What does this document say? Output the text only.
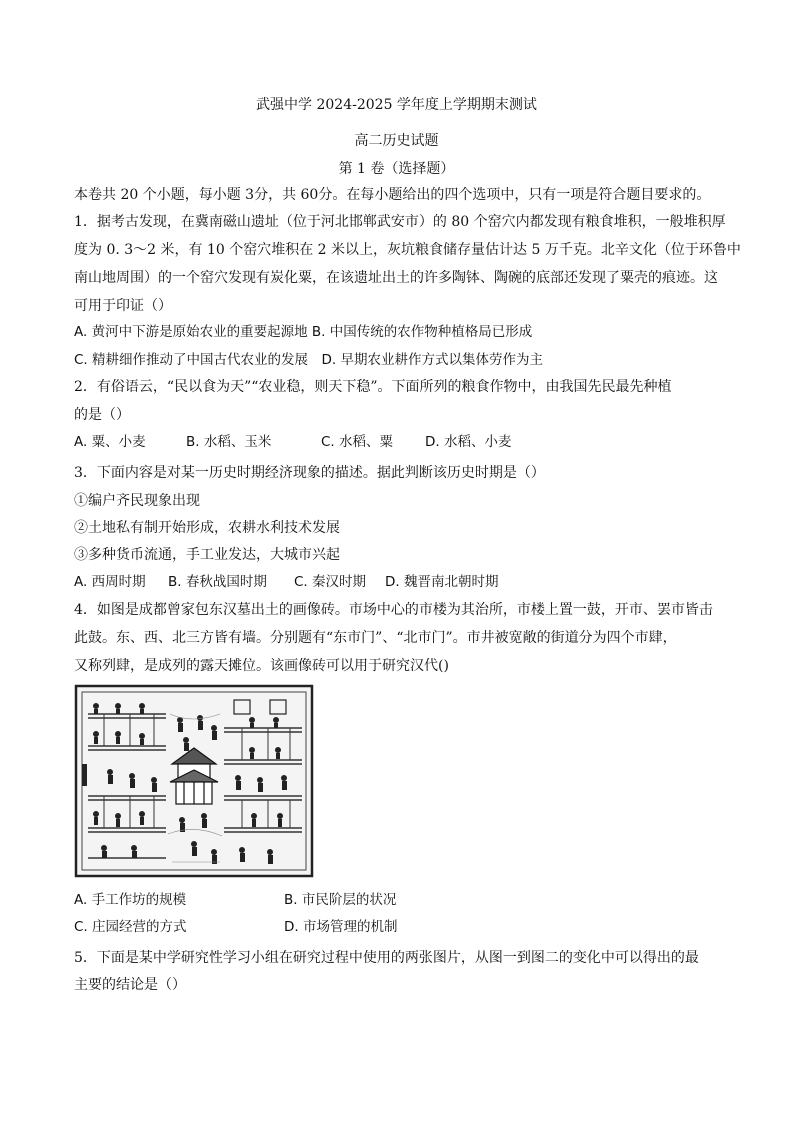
武强中学 2024-2025 学年度上学期期末测试
高二历史试题
第 1 卷（选择题）
本卷共 20 个小题，每小题 3分，共 60分。在每小题给出的四个选项中，只有一项是符合题目要求的。
1．据考古发现，在冀南磁山遗址（位于河北邯郸武安市）的 80 个窑穴内都发现有粮食堆积，一般堆积厚
度为 0. 3～2 米，有 10 个窑穴堆积在 2 米以上，灰坑粮食储存量估计达 5 万千克。北辛文化（位于环鲁中
南山地周围）的一个窑穴发现有炭化粟，在该遗址出土的许多陶钵、陶碗的底部还发现了粟壳的痕迹。这
可用于印证（）
A. 黄河中下游是原始农业的重要起源地 B. 中国传统的农作物种植格局已形成
C. 精耕细作推动了中国古代农业的发展　D. 早期农业耕作方式以集体劳作为主
2．有俗语云，“民以食为天”“农业稳，则天下稳”。下面所列的粮食作物中，由我国先民最先种植
的是（）
A. 粟、小麦	B. 水稻、玉米	C. 水稻、粟 D. 水稻、小麦
3．下面内容是对某一历史时期经济现象的描述。据此判断该历史时期是（）
①编户齐民现象出现
②土地私有制开始形成，农耕水利技术发展
③多种货币流通，手工业发达，大城市兴起
A. 西周时期 B. 春秋战国时期 C. 秦汉时期 D. 魏晋南北朝时期
4．如图是成都曾家包东汉墓出土的画像砖。市场中心的市楼为其治所，市楼上置一鼓，开市、罢市皆击
此鼓。东、西、北三方皆有墙。分别题有“东市门”、“北市门”。市井被宽敞的街道分为四个市肆，
又称列肆，是成列的露天摊位。该画像砖可以用于研究汉代()
A. 手工作坊的规模	B. 市民阶层的状况
C. 庄园经营的方式	D. 市场管理的机制
5．下面是某中学研究性学习小组在研究过程中使用的两张图片，从图一到图二的变化中可以得出的最
主要的结论是（）
